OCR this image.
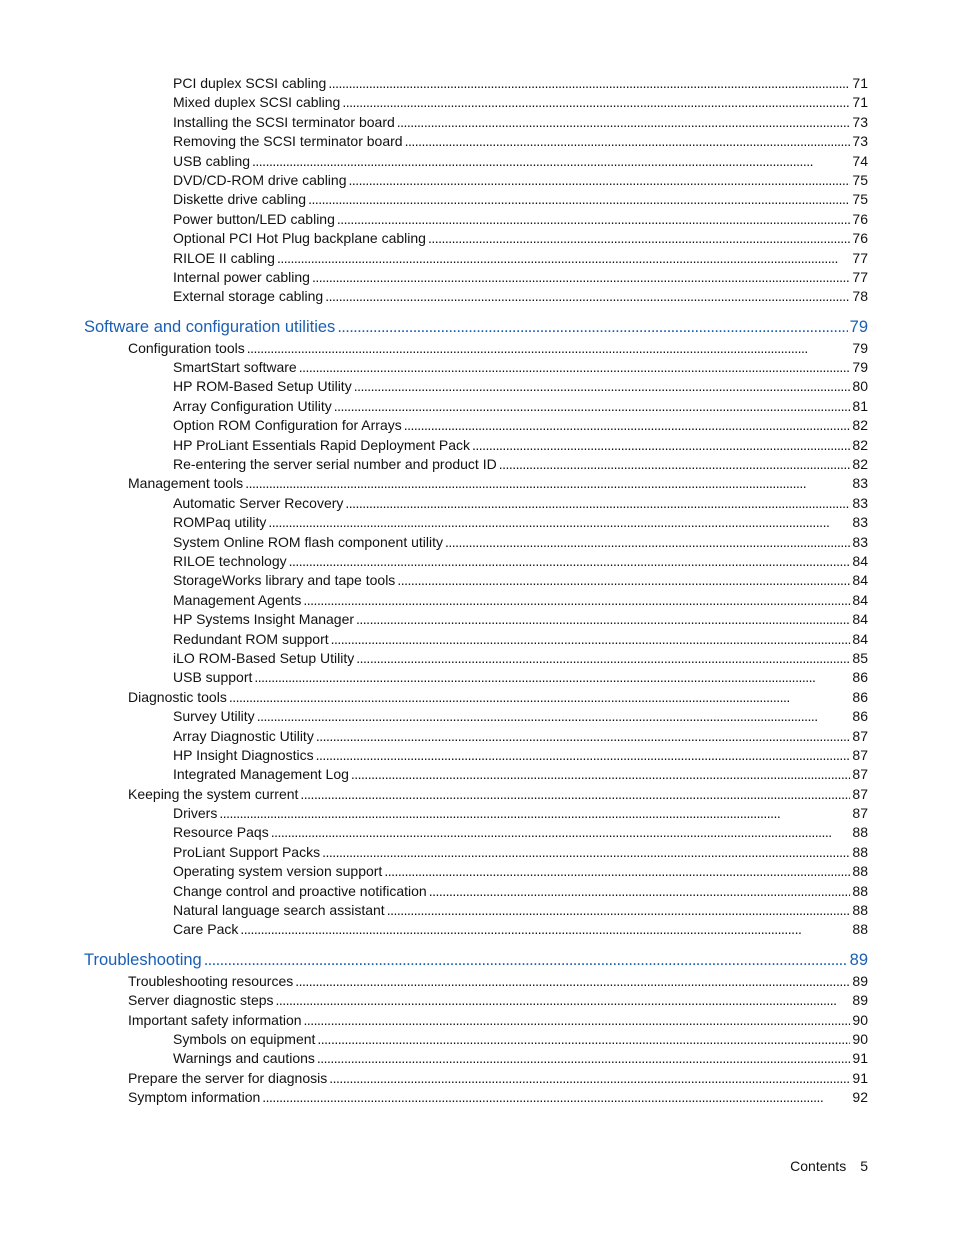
PCI duplex SCSI cabling . . .	71
Mixed duplex SCSI cabling . . .	71
Installing the SCSI terminator board . . .	73
Removing the SCSI terminator board . . .	73
USB cabling . . .	74
DVD/CD-ROM drive cabling . . .	75
Diskette drive cabling . . .	75
Power button/LED cabling . . .	76
Optional PCI Hot Plug backplane cabling . . .	76
RILOE II cabling . . .	77
Internal power cabling . . .	77
External storage cabling . . .	78
Software and configuration utilities . . .	79
Configuration tools . . .	79
SmartStart software . . .	79
HP ROM-Based Setup Utility . . .	80
Array Configuration Utility . . .	81
Option ROM Configuration for Arrays . . .	82
HP ProLiant Essentials Rapid Deployment Pack . . .	82
Re-entering the server serial number and product ID . . .	82
Management tools . . .	83
Automatic Server Recovery . . .	83
ROMPaq utility . . .	83
System Online ROM flash component utility . . .	83
RILOE technology . . .	84
StorageWorks library and tape tools . . .	84
Management Agents . . .	84
HP Systems Insight Manager . . .	84
Redundant ROM support . . .	84
iLO ROM-Based Setup Utility . . .	85
USB support . . .	86
Diagnostic tools . . .	86
Survey Utility . . .	86
Array Diagnostic Utility . . .	87
HP Insight Diagnostics . . .	87
Integrated Management Log . . .	87
Keeping the system current . . .	87
Drivers . . .	87
Resource Paqs . . .	88
ProLiant Support Packs . . .	88
Operating system version support . . .	88
Change control and proactive notification . . .	88
Natural language search assistant . . .	88
Care Pack . . .	88
Troubleshooting . . .	89
Troubleshooting resources . . .	89
Server diagnostic steps . . .	89
Important safety information . . .	90
Symbols on equipment . . .	90
Warnings and cautions . . .	91
Prepare the server for diagnosis . . .	91
Symptom information . . .	92
Contents 5
